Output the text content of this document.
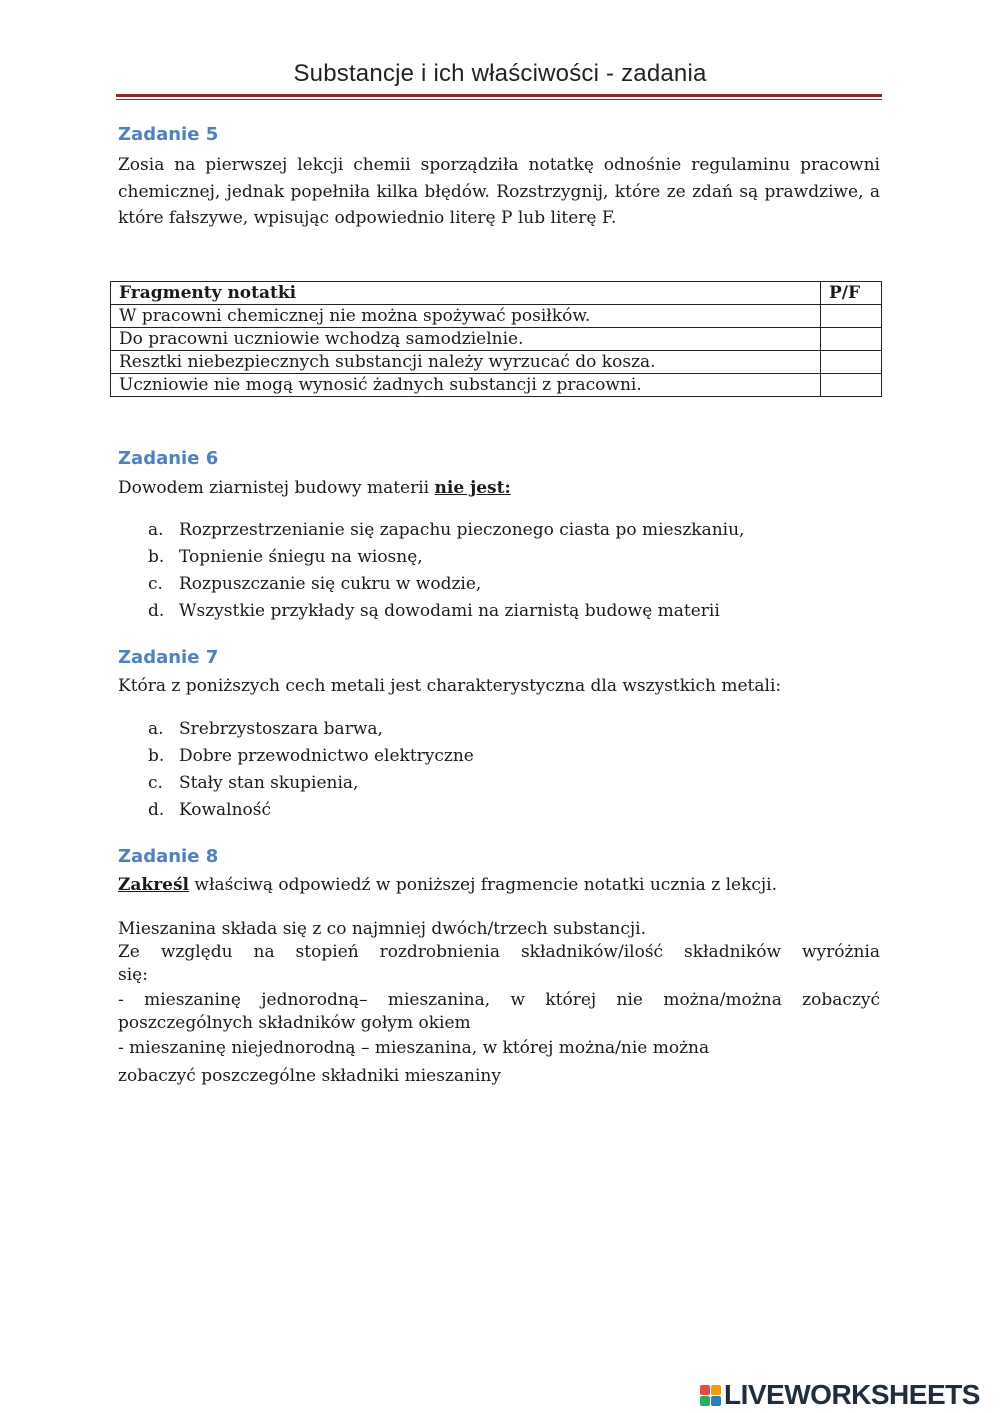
Substancje i ich właściwości - zadania
Zadanie 5
Zosia na pierwszej lekcji chemii sporządziła notatkę odnośnie regulaminu pracowni chemicznej, jednak popełniła kilka błędów. Rozstrzygnij, które ze zdań są prawdziwe, a które fałszywe, wpisując odpowiednio literę P lub literę F.
Fragmenty notatki	P/F
W pracowni chemicznej nie można spożywać posiłków.	
Do pracowni uczniowie wchodzą samodzielnie.	
Resztki niebezpiecznych substancji należy wyrzucać do kosza.	
Uczniowie nie mogą wynosić żadnych substancji z pracowni.	
Zadanie 6
Dowodem ziarnistej budowy materii nie jest:
a. Rozprzestrzenianie się zapachu pieczonego ciasta po mieszkaniu,
b. Topnienie śniegu na wiosnę,
c. Rozpuszczanie się cukru w wodzie,
d. Wszystkie przykłady są dowodami na ziarnistą budowę materii
Zadanie 7
Która z poniższych cech metali jest charakterystyczna dla wszystkich metali:
a. Srebrzystoszara barwa,
b. Dobre przewodnictwo elektryczne
c. Stały stan skupienia,
d. Kowalność
Zadanie 8
Zakreśl właściwą odpowiedź w poniższej fragmencie notatki ucznia z lekcji.
Mieszanina składa się z co najmniej dwóch/trzech substancji.
Ze względu na stopień rozdrobnienia składników/ilość składników wyróżnia
się:
- mieszaninę jednorodną– mieszanina, w której nie można/można zobaczyć
poszczególnych składników gołym okiem
- mieszaninę niejednorodną – mieszanina, w której można/nie można
zobaczyć poszczególne składniki mieszaniny
LIVEWORKSHEETS
